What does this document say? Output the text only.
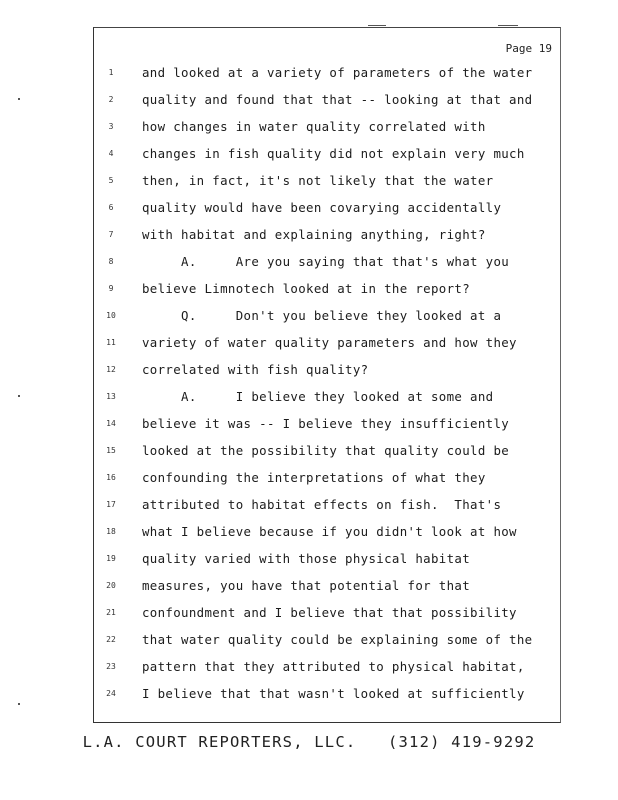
Page 19
1	and looked at a variety of parameters of the water
2	quality and found that that -- looking at that and
3	how changes in water quality correlated with
4	changes in fish quality did not explain very much
5	then, in fact, it's not likely that the water
6	quality would have been covarying accidentally
7	with habitat and explaining anything, right?
8	A.     Are you saying that that's what you
9	believe Limnotech looked at in the report?
10	Q.     Don't you believe they looked at a
11	variety of water quality parameters and how they
12	correlated with fish quality?
13	A.     I believe they looked at some and
14	believe it was -- I believe they insufficiently
15	looked at the possibility that quality could be
16	confounding the interpretations of what they
17	attributed to habitat effects on fish.  That's
18	what I believe because if you didn't look at how
19	quality varied with those physical habitat
20	measures, you have that potential for that
21	confoundment and I believe that that possibility
22	that water quality could be explaining some of the
23	pattern that they attributed to physical habitat,
24	I believe that that wasn't looked at sufficiently
L.A. COURT REPORTERS, LLC.   (312) 419-9292
